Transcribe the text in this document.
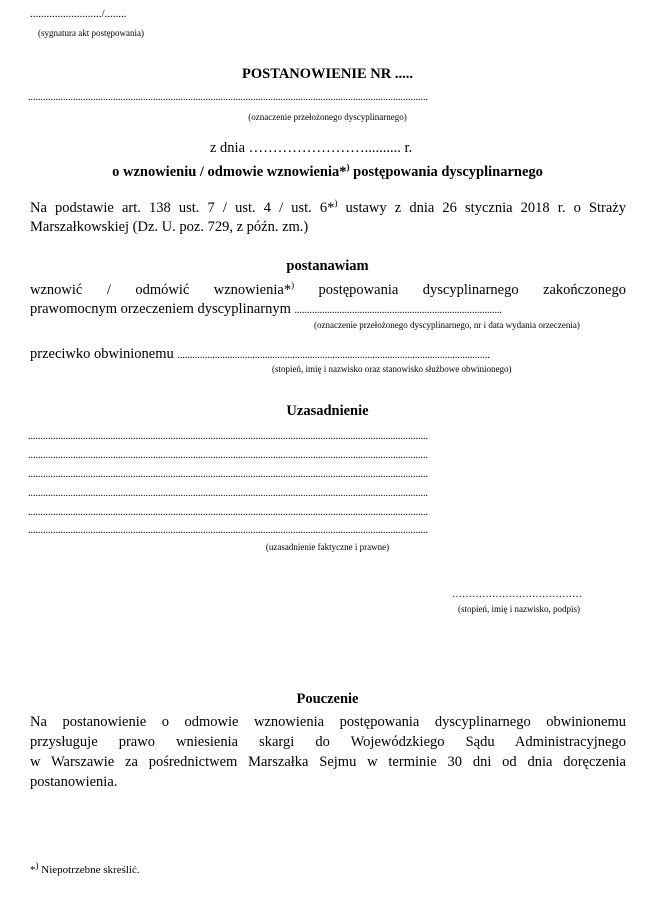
........................../........
(sygnatura akt postępowania)
POSTANOWIENIE NR .....
................................................................................................................................................................
(oznaczenie przełożonego dyscyplinarnego)
z dnia …………………….......... r.
o wznowieniu / odmowie wznowienia*) postępowania dyscyplinarnego
Na podstawie art. 138 ust. 7 / ust. 4 / ust. 6*) ustawy z dnia 26 stycznia 2018 r. o Straży
Marszałkowskiej (Dz. U. poz. 729, z późn. zm.)
postanawiam
wznowić / odmówić wznowienia*) postępowania dyscyplinarnego zakończonego
prawomocnym orzeczeniem dyscyplinarnym ...................................................................................
(oznaczenie przełożonego dyscyplinarnego, nr i data wydania orzeczenia)
przeciwko obwinionemu .............................................................................................................................
(stopień, imię i nazwisko oraz stanowisko służbowe obwinionego)
Uzasadnienie
................................................................................................................................................................
................................................................................................................................................................
................................................................................................................................................................
................................................................................................................................................................
................................................................................................................................................................
................................................................................................................................................................
(uzasadnienie faktyczne i prawne)
…………………………………
(stopień, imię i nazwisko, podpis)
Pouczenie
Na postanowienie o odmowie wznowienia postępowania dyscyplinarnego obwinionemu
przysługuje prawo wniesienia skargi do Wojewódzkiego Sądu Administracyjnego
w Warszawie za pośrednictwem Marszałka Sejmu w terminie 30 dni od dnia doręczenia
postanowienia.
*) Niepotrzebne skreślić.
